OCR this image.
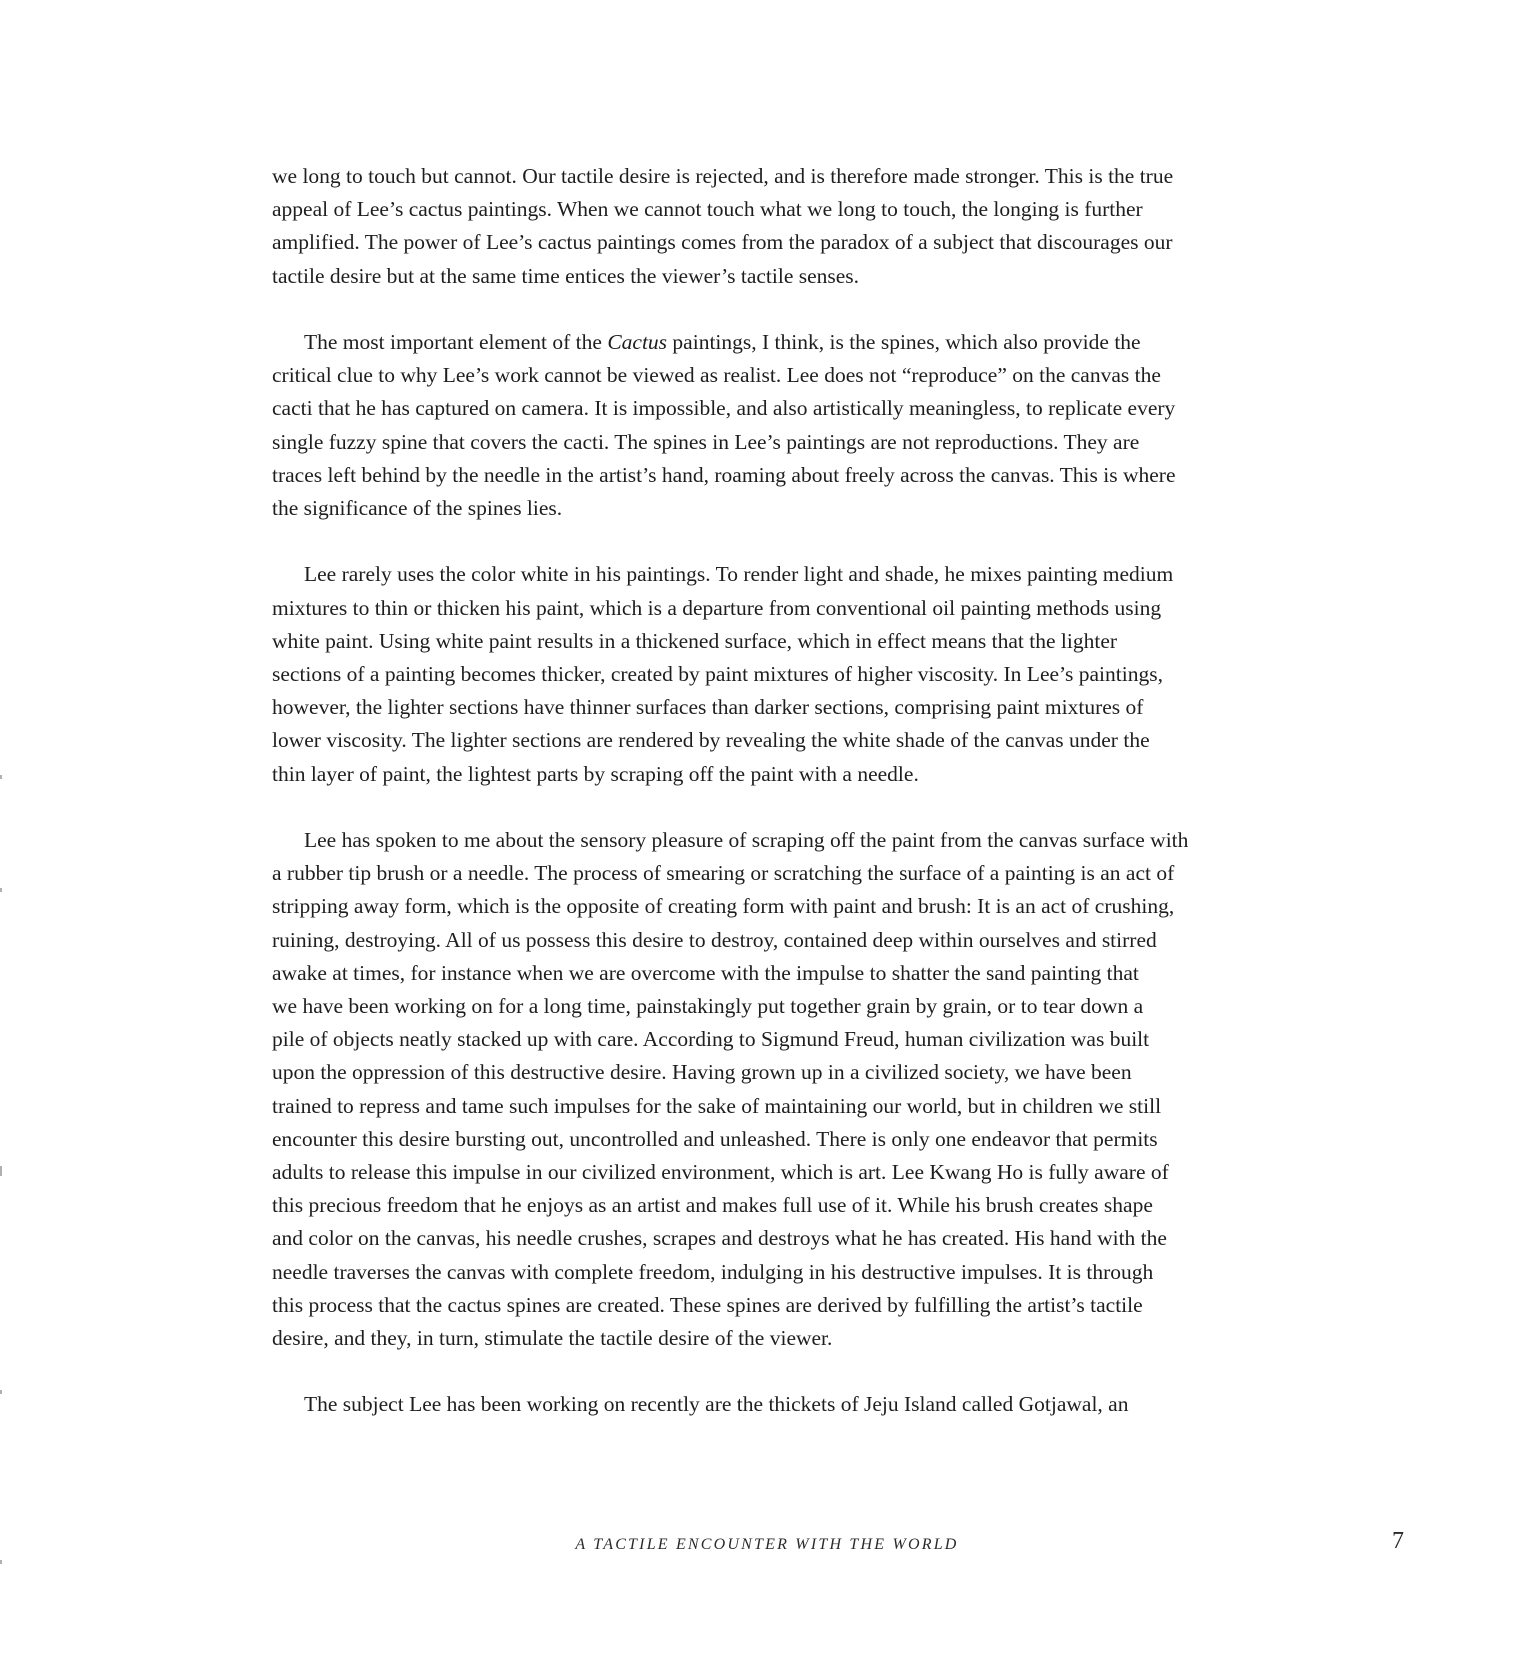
we long to touch but cannot. Our tactile desire is rejected, and is therefore made stronger. This is the true
appeal of Lee’s cactus paintings. When we cannot touch what we long to touch, the longing is further
amplified. The power of Lee’s cactus paintings comes from the paradox of a subject that discourages our
tactile desire but at the same time entices the viewer’s tactile senses.
The most important element of the Cactus paintings, I think, is the spines, which also provide the
critical clue to why Lee’s work cannot be viewed as realist. Lee does not “reproduce” on the canvas the
cacti that he has captured on camera. It is impossible, and also artistically meaningless, to replicate every
single fuzzy spine that covers the cacti. The spines in Lee’s paintings are not reproductions. They are
traces left behind by the needle in the artist’s hand, roaming about freely across the canvas. This is where
the significance of the spines lies.
Lee rarely uses the color white in his paintings. To render light and shade, he mixes painting medium
mixtures to thin or thicken his paint, which is a departure from conventional oil painting methods using
white paint. Using white paint results in a thickened surface, which in effect means that the lighter
sections of a painting becomes thicker, created by paint mixtures of higher viscosity. In Lee’s paintings,
however, the lighter sections have thinner surfaces than darker sections, comprising paint mixtures of
lower viscosity. The lighter sections are rendered by revealing the white shade of the canvas under the
thin layer of paint, the lightest parts by scraping off the paint with a needle.
Lee has spoken to me about the sensory pleasure of scraping off the paint from the canvas surface with
a rubber tip brush or a needle. The process of smearing or scratching the surface of a painting is an act of
stripping away form, which is the opposite of creating form with paint and brush: It is an act of crushing,
ruining, destroying. All of us possess this desire to destroy, contained deep within ourselves and stirred
awake at times, for instance when we are overcome with the impulse to shatter the sand painting that
we have been working on for a long time, painstakingly put together grain by grain, or to tear down a
pile of objects neatly stacked up with care. According to Sigmund Freud, human civilization was built
upon the oppression of this destructive desire. Having grown up in a civilized society, we have been
trained to repress and tame such impulses for the sake of maintaining our world, but in children we still
encounter this desire bursting out, uncontrolled and unleashed. There is only one endeavor that permits
adults to release this impulse in our civilized environment, which is art. Lee Kwang Ho is fully aware of
this precious freedom that he enjoys as an artist and makes full use of it. While his brush creates shape
and color on the canvas, his needle crushes, scrapes and destroys what he has created. His hand with the
needle traverses the canvas with complete freedom, indulging in his destructive impulses. It is through
this process that the cactus spines are created. These spines are derived by fulfilling the artist’s tactile
desire, and they, in turn, stimulate the tactile desire of the viewer.
The subject Lee has been working on recently are the thickets of Jeju Island called Gotjawal, an
A TACTILE ENCOUNTER WITH THE WORLD	7
